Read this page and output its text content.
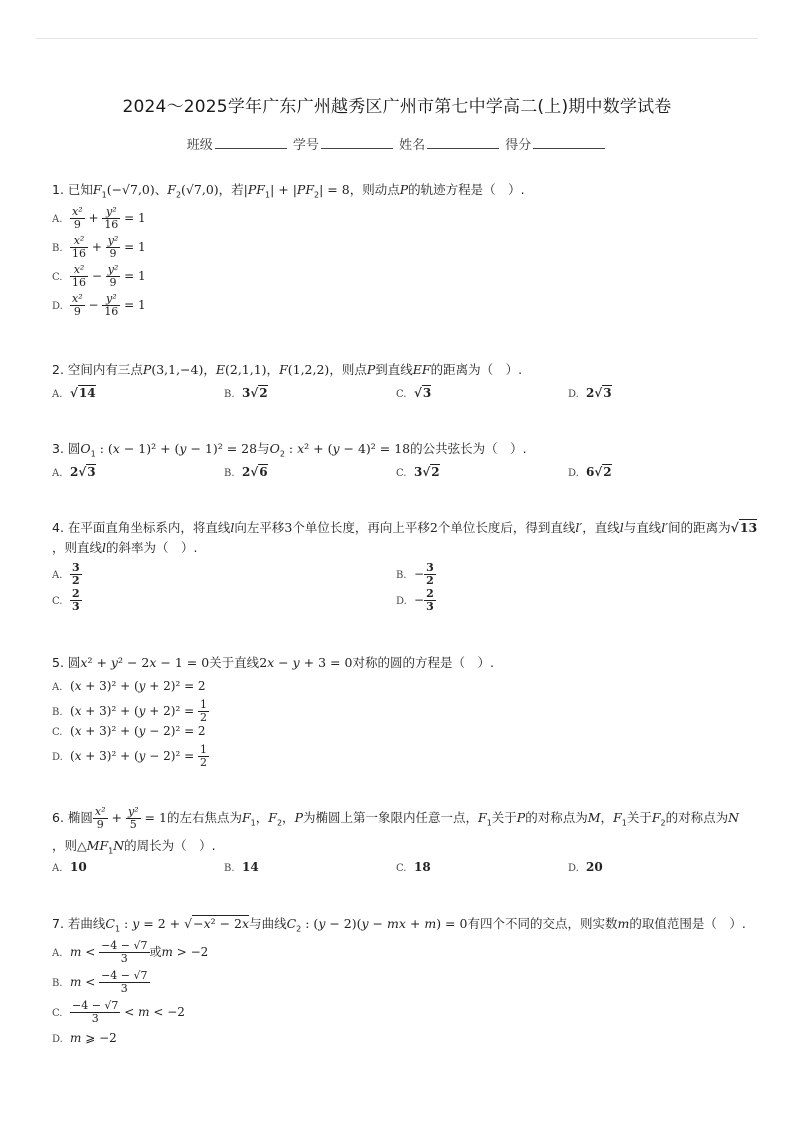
2024～2025学年广东广州越秀区广州市第七中学高二(上)期中数学试卷
班级	学号	姓名	得分
1. 已知$F_1(-√7,0)$、$F_2(√7,0)$，若$|PF_1| + |PF_2| = 8$，则动点P的轨迹方程是（　）.
A. $\frac{\text{x²}}{9} + \frac{\text{y²}}{16} = 1$
B. $\frac{\text{x²}}{16} + \frac{\text{y²}}{9} = 1$
C. $\frac{\text{x²}}{16} - \frac{\text{y²}}{9} = 1$
D. $\frac{\text{x²}}{9} - \frac{\text{y²}}{16} = 1$
2. 空间内有三点P(3,1,−4)，E(2,1,1)，F(1,2,2)，则点P到直线EF的距离为（　）.
A. √14	B. 3√2	C. √3	D. 2√3
3. 圆$O_1$ : (x − 1)² + (y − 1)² = 28与$O_2$ : x² + (y − 4)² = 18的公共弦长为（　）.
A. 2√3	B. 2√6	C. 3√2	D. 6√2
4. 在平面直角坐标系内，将直线l向左平移3个单位长度，再向上平移2个单位长度后，得到直线l′，直线l与直线l′间的距离为√13
，则直线l的斜率为（　）.
A. $\frac{3}{2}$	B. − $\frac{3}{2}$
C. $\frac{2}{3}$	D. − $\frac{2}{3}$
5. 圆x² + y² − 2x − 1 = 0关于直线2x − y + 3 = 0对称的圆的方程是（　）.
A. (x + 3)² + (y + 2)² = 2
B. $(x + 3)^2 + (y + 2)^2 = \frac{1}{2}$
C. (x + 3)² + (y − 2)² = 2
D. $(x + 3)^2 + (y - 2)^2 = \frac{1}{2}$
6. 椭圆 $\frac{\text{x²}}{9} + \frac{\text{y²}}{5} = 1$的左右焦点为$F_1$，$F_2$，P为椭圆上第一象限内任意一点，$F_1$关于P的对称点为M，$F_1$关于$F_2$的对称点为N
，则$\triangle MF_1N$的周长为（　）.
A. 10	B. 14	C. 18	D. 20
7. 若曲线$C_1$ : y = 2 + √−x² − 2x与曲线$C_2$ : (y − 2)(y − mx + m) = 0有四个不同的交点，则实数m的取值范围是（　）.
A. $m < \frac{-4 - √7}{3}$ 或m > −2
B. $m < \frac{-4 - √7}{3}$
C. $\frac{-4 - √7}{3} < m < -2$
D. m ⩾ −2
